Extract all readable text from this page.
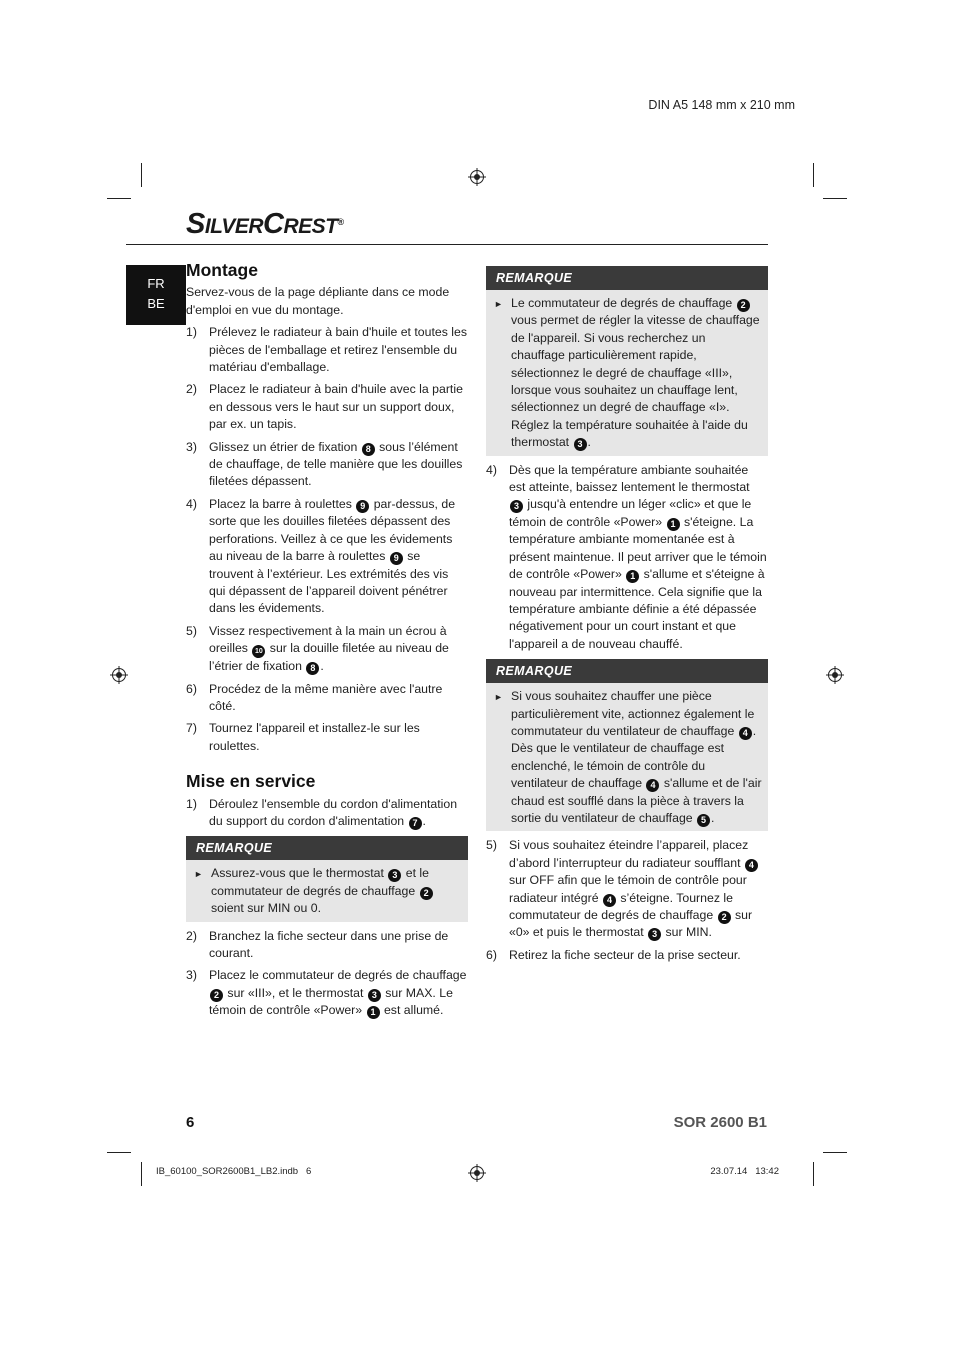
DIN A5 148 mm x 210 mm
SILVERCREST®
FR
BE
Montage

Servez-vous de la page dépliante dans ce mode d'emploi en vue du montage.

1) Prélevez le radiateur à bain d'huile et toutes les pièces de l'emballage et retirez l'ensemble du matériau d'emballage.
2) Placez le radiateur à bain d'huile avec la partie en dessous vers le haut sur un support doux, par ex. un tapis.
3) Glissez un étrier de fixation 8 sous l’élément de chauffage, de telle manière que les douilles filetées dépassent.
4) Placez la barre à roulettes 9 par-dessus, de sorte que les douilles filetées dépassent des perforations. Veillez à ce que les évidements au niveau de la barre à roulettes 9 se trouvent à l’extérieur. Les extrémités des vis qui dépassent de l’appareil doivent pénétrer dans les évidements.
5) Vissez respectivement à la main un écrou à oreilles 10 sur la douille filetée au niveau de l’étrier de fixation 8 .
6) Procédez de la même manière avec l'autre côté.
7) Tournez l'appareil et installez-le sur les roulettes.
Mise en service
1) Déroulez l'ensemble du cordon d'alimentation du support du cordon d'alimentation 7 .
REMARQUE
► Assurez-vous que le thermostat 3 et le commutateur de degrés de chauffage 2 soient sur MIN ou 0.
2) Branchez la fiche secteur dans une prise de courant.
3) Placez le commutateur de degrés de chauffage 2 sur «III», et le thermostat 3 sur MAX. Le témoin de contrôle «Power» 1 est allumé.
REMARQUE
► Le commutateur de degrés de chauffage 2 vous permet de régler la vitesse de chauffage de l'appareil. Si vous recherchez un chauffage particulièrement rapide, sélectionnez le degré de chauffage «III», lorsque vous souhaitez un chauffage lent, sélectionnez un degré de chauffage «I».
Réglez la température souhaitée à l'aide du thermostat 3 .
4) Dès que la température ambiante souhaitée est atteinte, baissez lentement le thermostat 3 jusqu'à entendre un léger «clic» et que le témoin de contrôle «Power» 1 s'éteigne. La température ambiante momentanée est à présent maintenue. Il peut arriver que le témoin de contrôle «Power» 1 s'allume et s'éteigne à nouveau par intermittence. Cela signifie que la température ambiante définie a été dépassée négativement pour un court instant et que l'appareil a de nouveau chauffé.
REMARQUE
► Si vous souhaitez chauffer une pièce particulièrement vite, actionnez également le commutateur du ventilateur de chauffage 4 . Dès que le ventilateur de chauffage est enclenché, le témoin de contrôle du ventilateur de chauffage 4 s'allume et de l'air chaud est soufflé dans la pièce à travers la sortie du ventilateur de chauffage 5 .
5) Si vous souhaitez éteindre l’appareil, placez d’abord l’interrupteur du radiateur soufflant 4 sur OFF afin que le témoin de contrôle pour radiateur intégré 4 s’éteigne. Tournez le commutateur de degrés de chauffage 2 sur «0» et puis le thermostat 3 sur MIN.
6) Retirez la fiche secteur de la prise secteur.
6	SOR 2600 B1
IB_60100_SOR2600B1_LB2.indb   6	23.07.14   13:42
